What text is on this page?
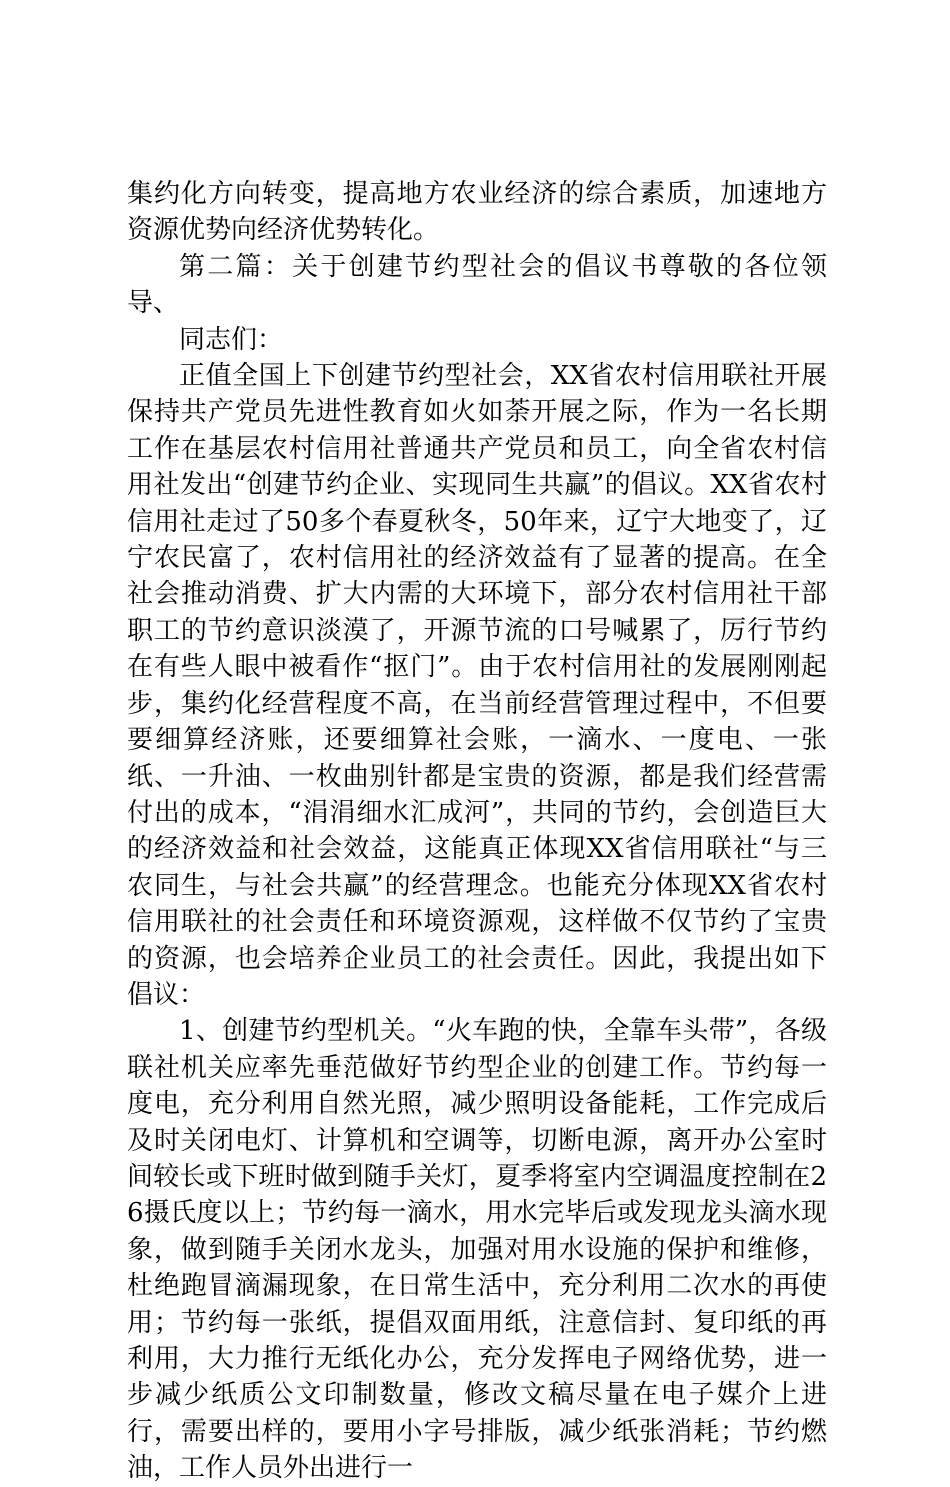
集约化方向转变，提高地方农业经济的综合素质，加速地方资源优势向经济优势转化。

第二篇：关于创建节约型社会的倡议书尊敬的各位领导、

同志们：

正值全国上下创建节约型社会，XX省农村信用联社开展保持共产党员先进性教育如火如荼开展之际，作为一名长期工作在基层农村信用社普通共产党员和员工，向全省农村信用社发出“创建节约企业、实现同生共赢”的倡议。XX省农村信用社走过了50多个春夏秋冬，50年来，辽宁大地变了，辽宁农民富了，农村信用社的经济效益有了显著的提高。在全社会推动消费、扩大内需的大环境下，部分农村信用社干部职工的节约意识淡漠了，开源节流的口号喊累了，厉行节约在有些人眼中被看作“抠门”。由于农村信用社的发展刚刚起步，集约化经营程度不高，在当前经营管理过程中，不但要要细算经济账，还要细算社会账，一滴水、一度电、一张纸、一升油、一枚曲别针都是宝贵的资源，都是我们经营需付出的成本，“涓涓细水汇成河”，共同的节约，会创造巨大的经济效益和社会效益，这能真正体现XX省信用联社“与三农同生，与社会共赢”的经营理念。也能充分体现XX省农村信用联社的社会责任和环境资源观，这样做不仅节约了宝贵的资源，也会培养企业员工的社会责任。因此，我提出如下倡议：

1、创建节约型机关。“火车跑的快，全靠车头带”，各级联社机关应率先垂范做好节约型企业的创建工作。节约每一度电，充分利用自然光照，减少照明设备能耗，工作完成后及时关闭电灯、计算机和空调等，切断电源，离开办公室时间较长或下班时做到随手关灯，夏季将室内空调温度控制在26摄氏度以上；节约每一滴水，用水完毕后或发现龙头滴水现象，做到随手关闭水龙头，加强对用水设施的保护和维修，杜绝跑冒滴漏现象，在日常生活中，充分利用二次水的再使用；节约每一张纸，提倡双面用纸，注意信封、复印纸的再利用，大力推行无纸化办公，充分发挥电子网络优势，进一步减少纸质公文印制数量，修改文稿尽量在电子媒介上进行，需要出样的，要用小字号排版，减少纸张消耗；节约燃油，工作人员外出进行一
